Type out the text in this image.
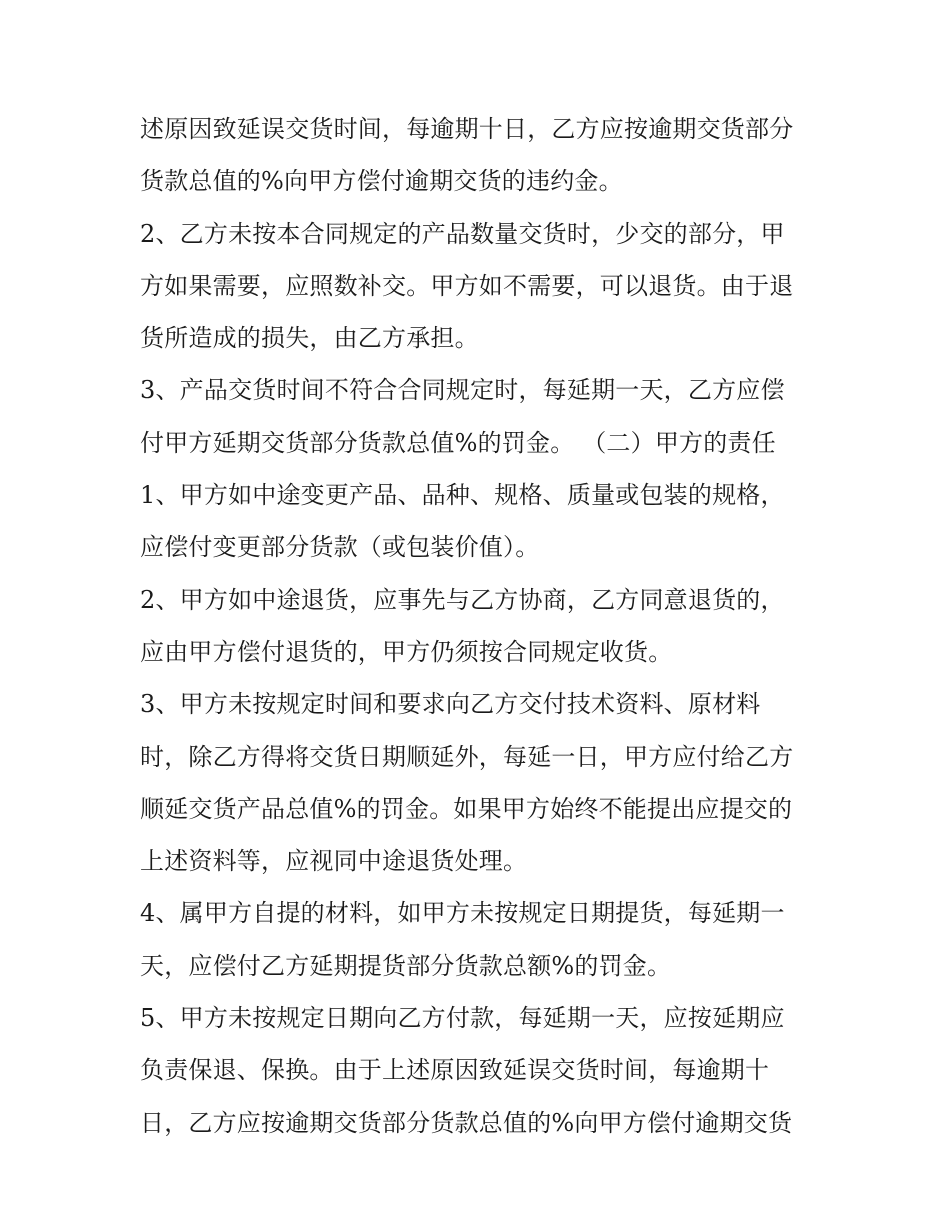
述原因致延误交货时间，每逾期十日，乙方应按逾期交货部分
货款总值的%向甲方偿付逾期交货的违约金。
2、乙方未按本合同规定的产品数量交货时，少交的部分，甲
方如果需要，应照数补交。甲方如不需要，可以退货。由于退
货所造成的损失，由乙方承担。
3、产品交货时间不符合合同规定时，每延期一天，乙方应偿
付甲方延期交货部分货款总值%的罚金。 （二）甲方的责任
1、甲方如中途变更产品、品种、规格、质量或包装的规格，
应偿付变更部分货款（或包装价值）。
2、甲方如中途退货，应事先与乙方协商，乙方同意退货的，
应由甲方偿付退货的，甲方仍须按合同规定收货。
3、甲方未按规定时间和要求向乙方交付技术资料、原材料
时，除乙方得将交货日期顺延外，每延一日，甲方应付给乙方
顺延交货产品总值%的罚金。如果甲方始终不能提出应提交的
上述资料等，应视同中途退货处理。
4、属甲方自提的材料，如甲方未按规定日期提货，每延期一
天，应偿付乙方延期提货部分货款总额%的罚金。
5、甲方未按规定日期向乙方付款，每延期一天，应按延期应
负责保退、保换。由于上述原因致延误交货时间，每逾期十
日，乙方应按逾期交货部分货款总值的%向甲方偿付逾期交货
